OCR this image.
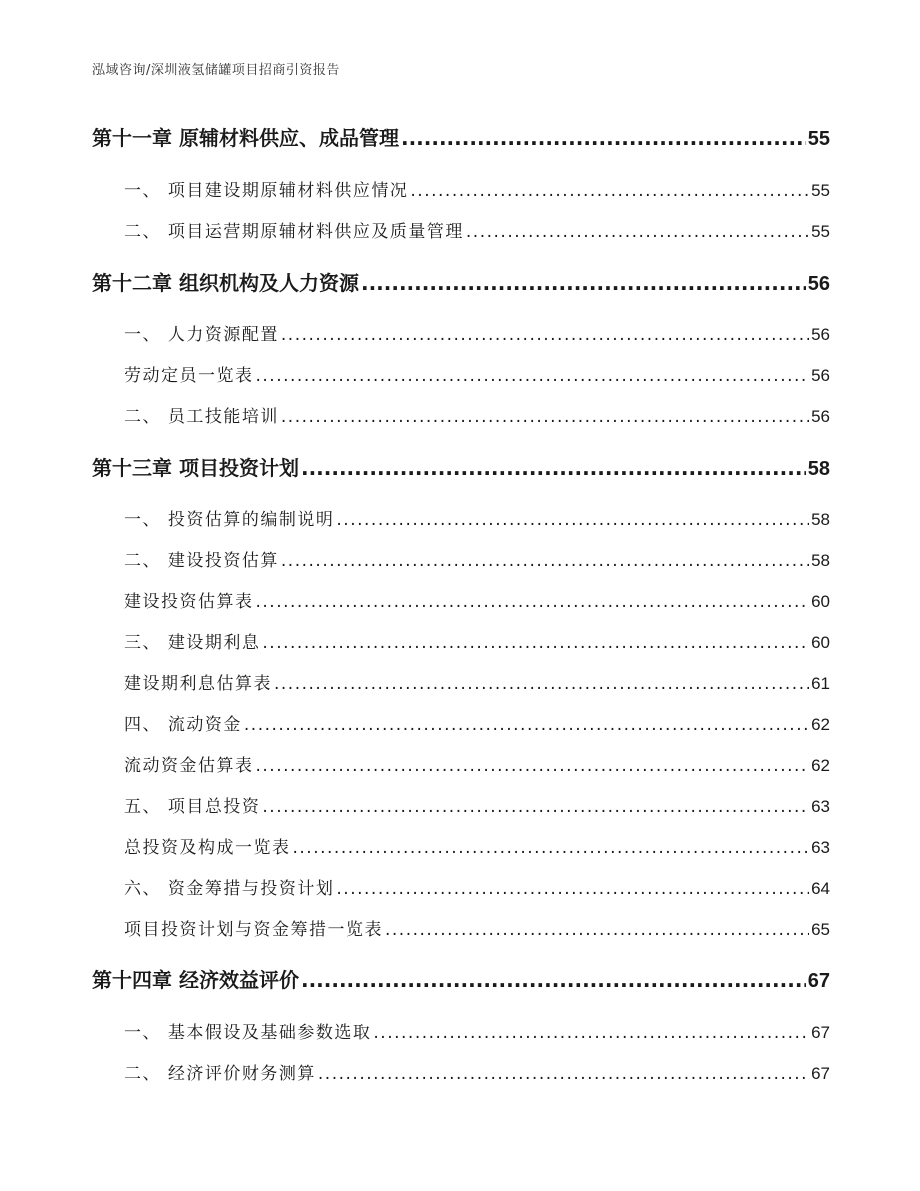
泓域咨询/深圳液氢储罐项目招商引资报告
第十一章 原辅材料供应、成品管理 .....	55
一、 项目建设期原辅材料供应情况 .....	55
二、 项目运营期原辅材料供应及质量管理 .....	55
第十二章 组织机构及人力资源 .....	56
一、 人力资源配置 .....	56
劳动定员一览表 .....	56
二、 员工技能培训 .....	56
第十三章 项目投资计划 .....	58
一、 投资估算的编制说明 .....	58
二、 建设投资估算 .....	58
建设投资估算表 .....	60
三、 建设期利息 .....	60
建设期利息估算表 .....	61
四、 流动资金 .....	62
流动资金估算表 .....	62
五、 项目总投资 .....	63
总投资及构成一览表 .....	63
六、 资金筹措与投资计划 .....	64
项目投资计划与资金筹措一览表 .....	65
第十四章 经济效益评价 .....	67
一、 基本假设及基础参数选取 .....	67
二、 经济评价财务测算 .....	67
